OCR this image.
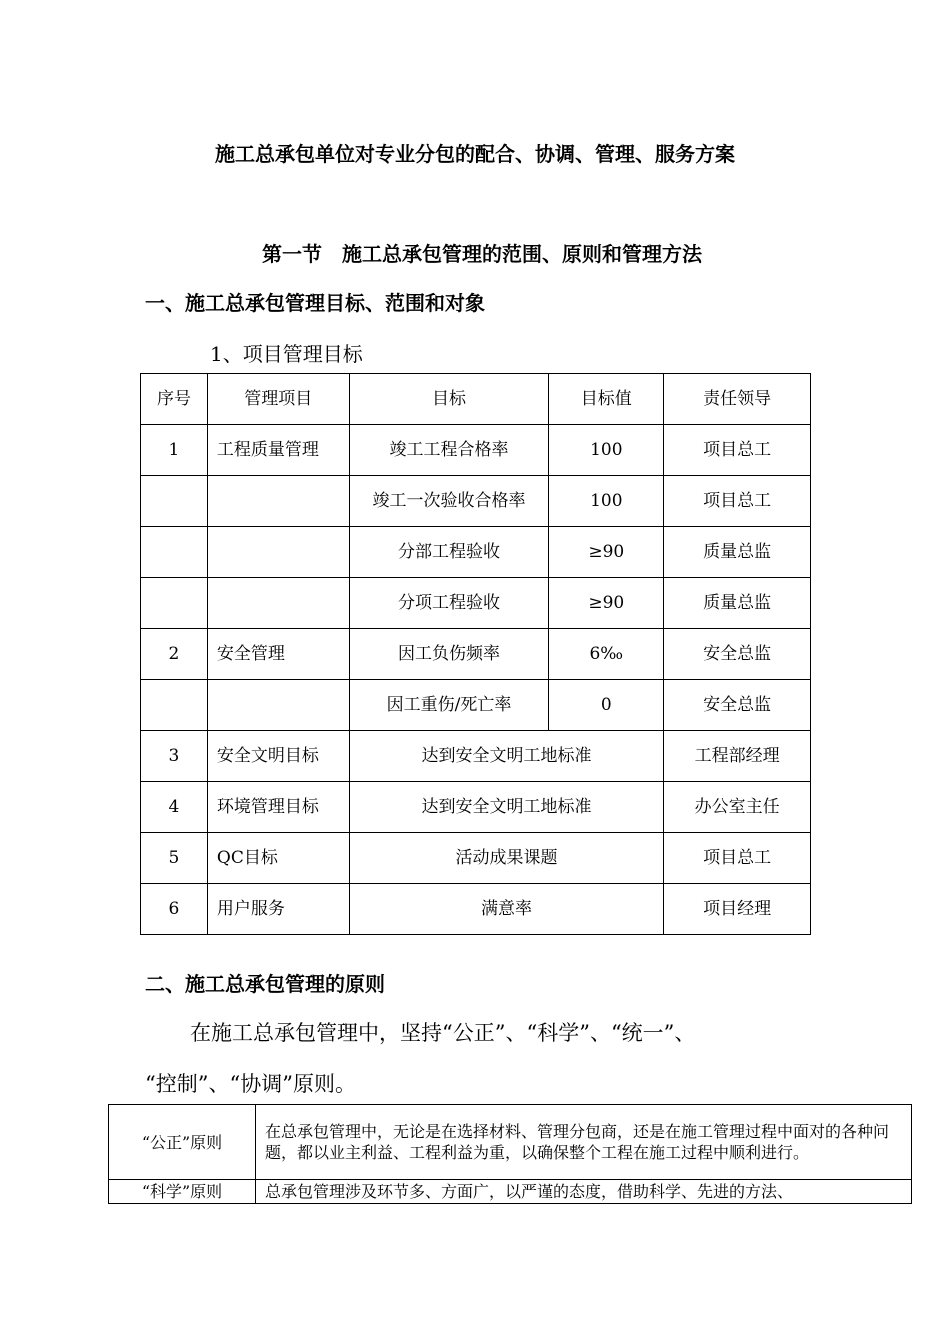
施工总承包单位对专业分包的配合、协调、管理、服务方案
第一节　施工总承包管理的范围、原则和管理方法
一、施工总承包管理目标、范围和对象
1、项目管理目标
序号	管理项目	目标	目标值	责任领导
1	工程质量管理	竣工工程合格率	100	项目总工
		竣工一次验收合格率	100	项目总工
		分部工程验收	≥90	质量总监
		分项工程验收	≥90	质量总监
2	安全管理	因工负伤频率	6‰	安全总监
		因工重伤/死亡率	0	安全总监
3	安全文明目标	达到安全文明工地标准		工程部经理
4	环境管理目标	达到安全文明工地标准		办公室主任
5	QC目标	活动成果课题		项目总工
6	用户服务	满意率		项目经理
二、施工总承包管理的原则
在施工总承包管理中，坚持“公正”、“科学”、“统一”、
“控制”、“协调”原则。
“公正”原则	在总承包管理中，无论是在选择材料、管理分包商，还是在施工管理过程中面对的各种问题，都以业主利益、工程利益为重，以确保整个工程在施工过程中顺利进行。
“科学”原则	总承包管理涉及环节多、方面广，以严谨的态度，借助科学、先进的方法、
